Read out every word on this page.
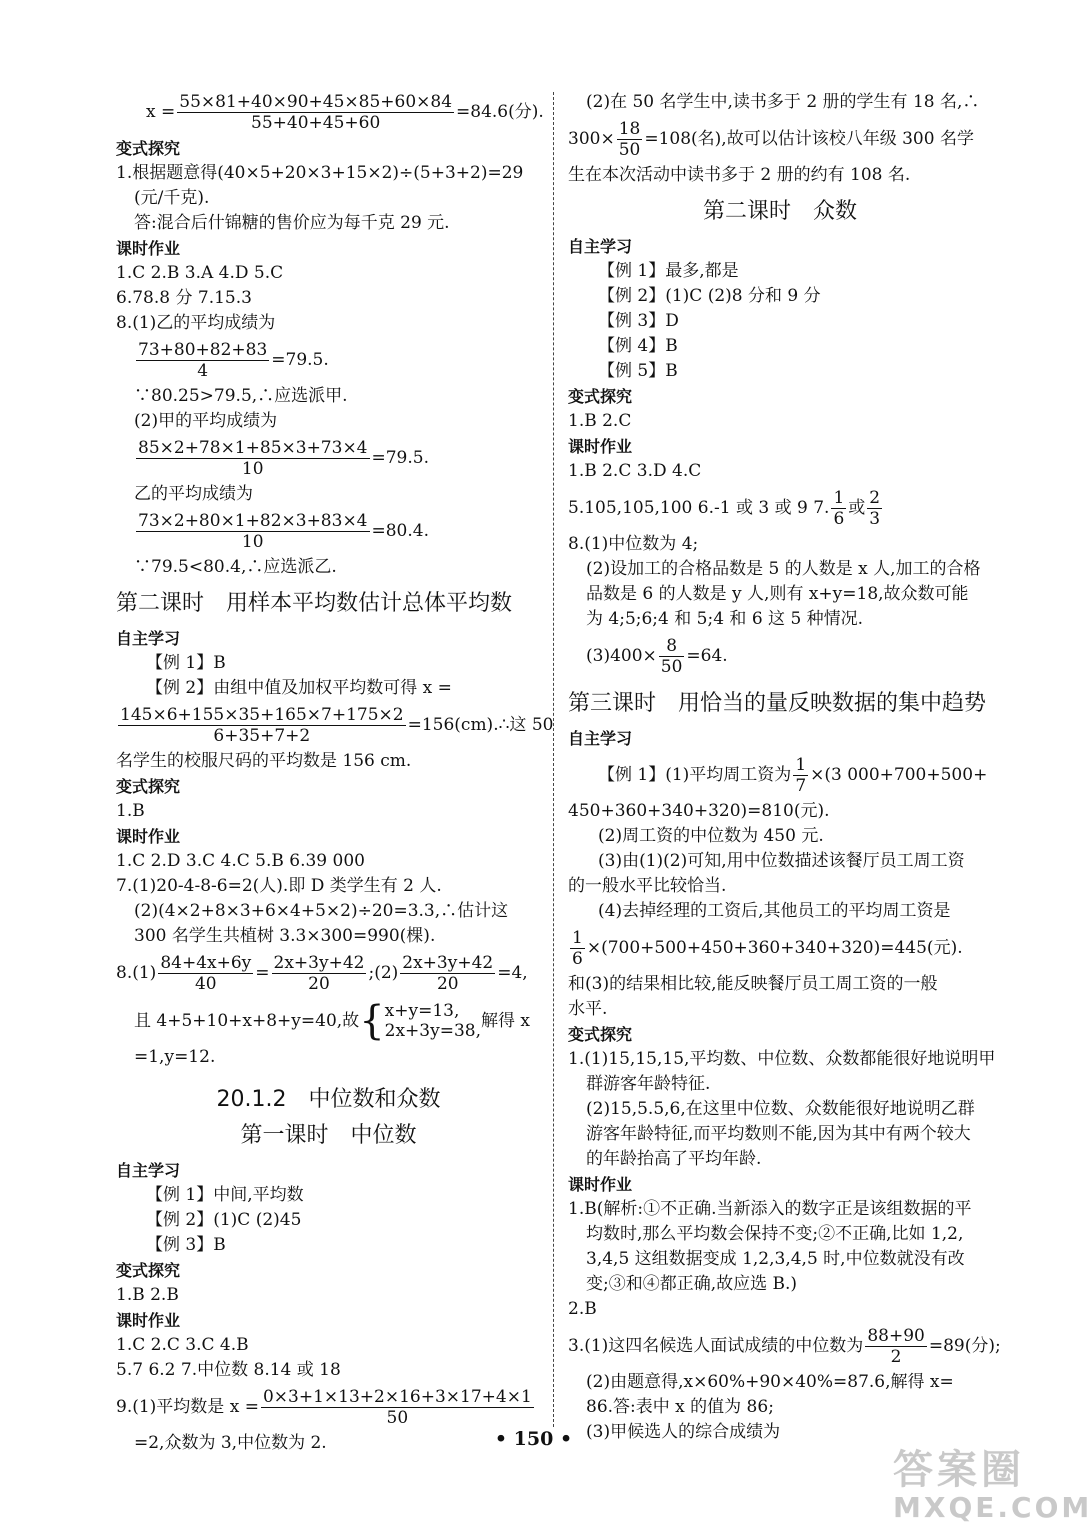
$x = \frac{55\times 81+40\times 90+45\times 85+60\times 84}{55+40+45+60} =84.6$(分).
变式探究
1.根据题意得(40×5+20×3+15×2)÷(5+3+2)=29
(元/千克).
答:混合后什锦糖的售价应为每千克 29 元.
课时作业
1.C 2.B 3.A 4.D 5.C
6.78.8 分 7.15.3
8.(1)乙的平均成绩为
$\frac{73+80+82+83}{4} =79.5$.
∵80.25>79.5,∴应选派甲.
(2)甲的平均成绩为
$\frac{85\times 2+78\times 1+85\times 3+73\times 4}{10} =79.5$.
乙的平均成绩为
$\frac{73\times 2+80\times 1+82\times 3+83\times 4}{10} =80.4$.
∵79.5<80.4,∴应选派乙.
第二课时　用样本平均数估计总体平均数
自主学习
【例 1】B
【例 2】由组中值及加权平均数可得 x =
$\frac{145\times 6+155\times 35+165\times 7+175\times 2}{6+35+7+2}$ =156(cm).∴这 50
名学生的校服尺码的平均数是 156 cm.
变式探究
1.B
课时作业
1.C 2.D 3.C 4.C 5.B 6.39 000
7.(1)20-4-8-6=2(人).即 D 类学生有 2 人.
(2)(4×2+8×3+6×4+5×2)÷20=3.3,∴估计这
300 名学生共植树 3.3×300=990(棵).
$8.(1) \frac{84+4x+6y}{40} = \frac{2x+3y+42}{20}$ ;(2) $\frac{2x+3y+42}{20} =4$,
且 4+5+10+x+8+y=40,故 { x+y=13,
2x+3y=38,
解得 x
=1,y=12.
20.1.2　中位数和众数
第一课时　中位数
自主学习
【例 1】中间,平均数
【例 2】(1)C (2)45
【例 3】B
变式探究
1.B 2.B
课时作业
1.C 2.C 3.C 4.B
5.7 6.2 7.中位数 8.14 或 18
9.(1)平均数是 $x = \frac{0\times 3+1\times 13+2\times 16+3\times 17+4\times 1}{50}$
=2,众数为 3,中位数为 2.
(2)在 50 名学生中,读书多于 2 册的学生有 18 名,∴
$300\times \frac{18}{50} =108$(名),故可以估计该校八年级 300 名学
生在本次活动中读书多于 2 册的约有 108 名.
第二课时　众数
自主学习
【例 1】最多,都是
【例 2】(1)C (2)8 分和 9 分
【例 3】D
【例 4】B
【例 5】B
变式探究
1.B 2.C
课时作业
1.B 2.C 3.D 4.C
5.105,105,100 6.-1 或 3 或 9 7. $\frac{1}{6}$ 或 $\frac{2}{3}$
8.(1)中位数为 4;
(2)设加工的合格品数是 5 的人数是 x 人,加工的合格
品数是 6 的人数是 y 人,则有 x+y=18,故众数可能
为 4;5;6;4 和 5;4 和 6 这 5 种情况.
$(3)400\times \frac{8}{50} =64$.
第三课时　用恰当的量反映数据的集中趋势
自主学习
【例 1】(1)平均周工资为 $\frac{1}{7} \times(3$ 000+700+500+
450+360+340+320)=810(元).
(2)周工资的中位数为 450 元.
(3)由(1)(2)可知,用中位数描述该餐厅员工周工资
的一般水平比较恰当.
(4)去掉经理的工资后,其他员工的平均周工资是
$\frac{1}{6} \times(700+500+450+360+340+320)=445$(元).
和(3)的结果相比较,能反映餐厅员工周工资的一般
水平.
变式探究
1.(1)15,15,15,平均数、中位数、众数都能很好地说明甲
群游客年龄特征.
(2)15,5.5,6,在这里中位数、众数能很好地说明乙群
游客年龄特征,而平均数则不能,因为其中有两个较大
的年龄抬高了平均年龄.
课时作业
1.B(解析:①不正确.当新添入的数字正是该组数据的平
均数时,那么平均数会保持不变;②不正确,比如 1,2,
3,4,5 这组数据变成 1,2,3,4,5 时,中位数就没有改
变;③和④都正确,故应选 B.)
2.B
3.(1)这四名候选人面试成绩的中位数为 $\frac{88+90}{2} =89$(分);
(2)由题意得,x×60%+90×40%=87.6,解得 x=
86.答:表中 x 的值为 86;
(3)甲候选人的综合成绩为
• 150 •
答案圈
MXQE.COM
